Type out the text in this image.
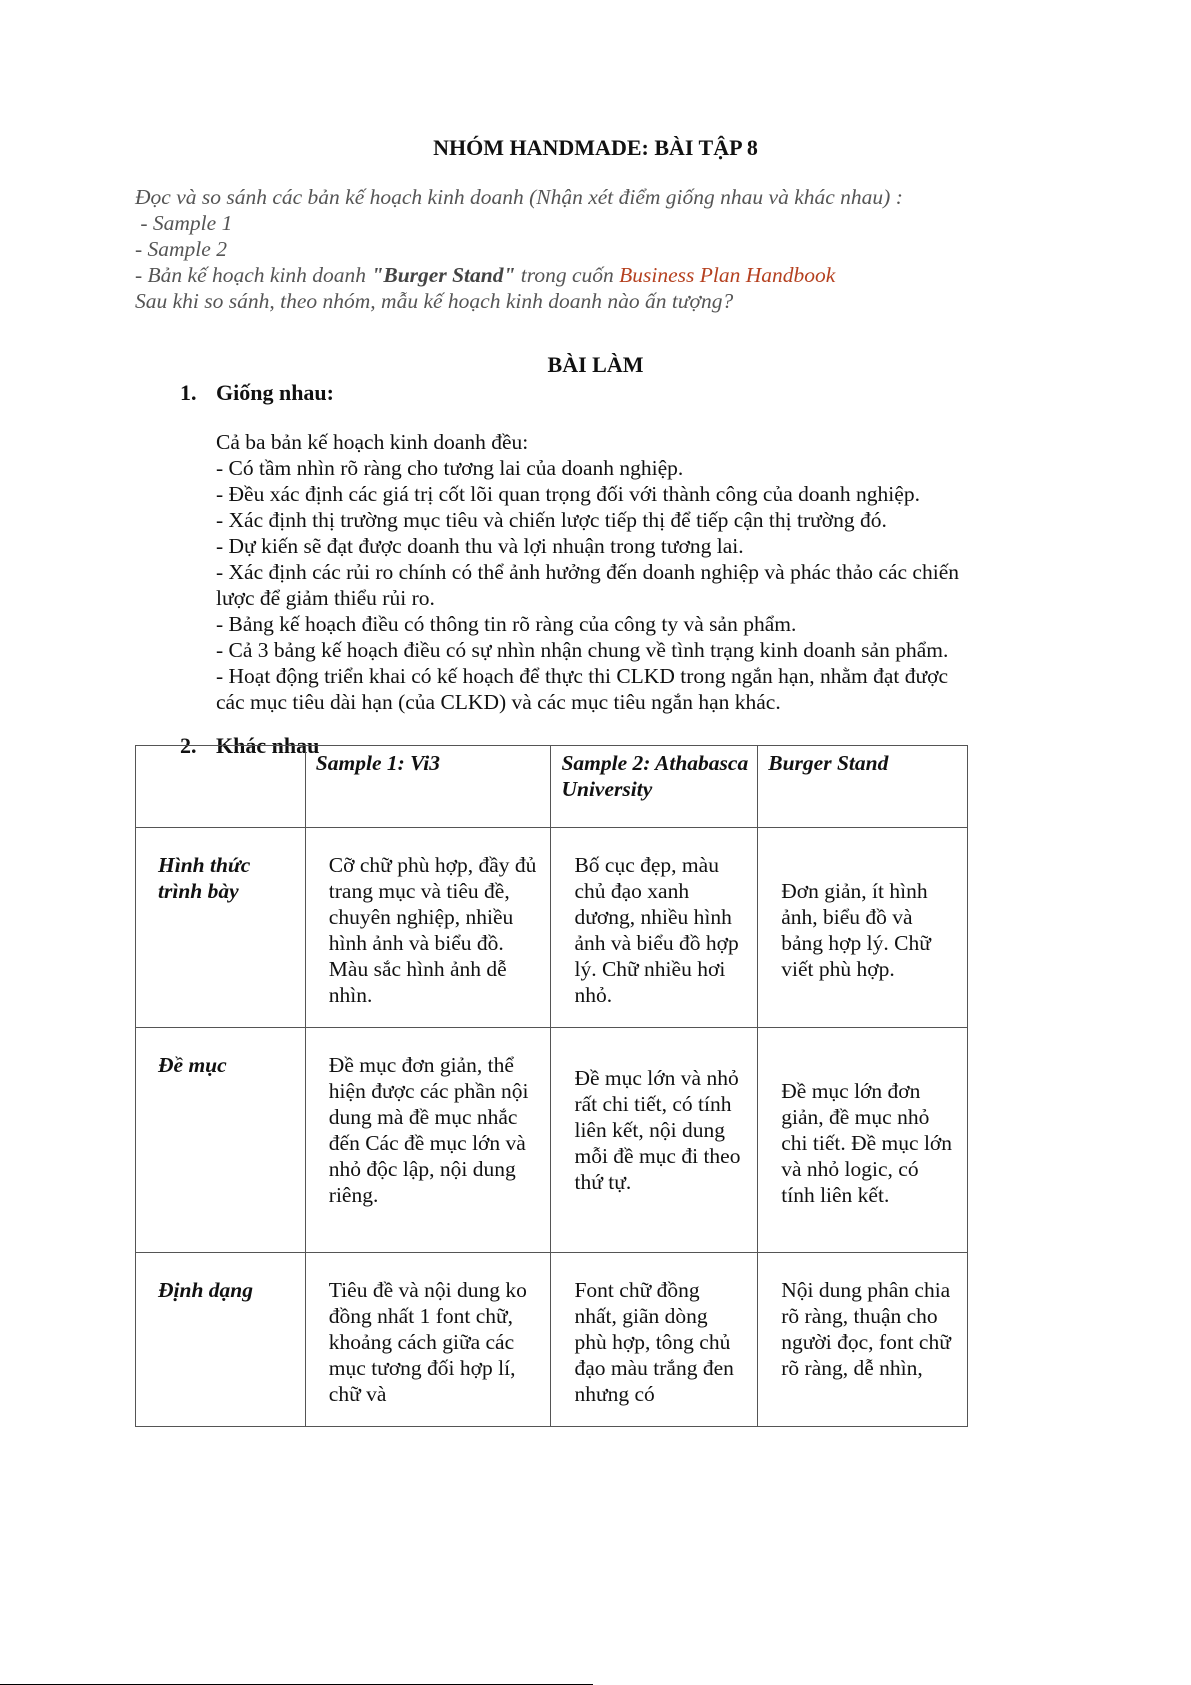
NHÓM HANDMADE: BÀI TẬP 8
Đọc và so sánh các bản kế hoạch kinh doanh (Nhận xét điểm giống nhau và khác nhau) :
- Sample 1
- Sample 2
- Bản kế hoạch kinh doanh "Burger Stand" trong cuốn Business Plan Handbook
Sau khi so sánh, theo nhóm, mẫu kế hoạch kinh doanh nào ấn tượng?
BÀI LÀM
1. Giống nhau:
Cả ba bản kế hoạch kinh doanh đều:
- Có tầm nhìn rõ ràng cho tương lai của doanh nghiệp.
- Đều xác định các giá trị cốt lõi quan trọng đối với thành công của doanh nghiệp.
- Xác định thị trường mục tiêu và chiến lược tiếp thị để tiếp cận thị trường đó.
- Dự kiến sẽ đạt được doanh thu và lợi nhuận trong tương lai.
- Xác định các rủi ro chính có thể ảnh hưởng đến doanh nghiệp và phác thảo các chiến lược để giảm thiểu rủi ro.
- Bảng kế hoạch điều có thông tin rõ ràng của công ty và sản phẩm.
- Cả 3 bảng kế hoạch điều có sự nhìn nhận chung về tình trạng kinh doanh sản phẩm.
- Hoạt động triển khai có kế hoạch để thực thi CLKD trong ngắn hạn, nhằm đạt được các mục tiêu dài hạn (của CLKD) và các mục tiêu ngắn hạn khác.
2. Khác nhau
	Sample 1: Vi3	Sample 2: Athabasca University	Burger Stand
Hình thức trình bày	Cỡ chữ phù hợp, đầy đủ trang mục và tiêu đề, chuyên nghiệp, nhiều hình ảnh và biểu đồ. Màu sắc hình ảnh dễ nhìn.	Bố cục đẹp, màu chủ đạo xanh dương, nhiều hình ảnh và biểu đồ hợp lý. Chữ nhiều hơi nhỏ.	Đơn giản, ít hình ảnh, biểu đồ và bảng hợp lý. Chữ viết phù hợp.
Đề mục	Đề mục đơn giản, thể hiện được các phần nội dung mà đề mục nhắc đến Các đề mục lớn và nhỏ độc lập, nội dung riêng.	Đề mục lớn và nhỏ rất chi tiết, có tính liên kết, nội dung mỗi đề mục đi theo thứ tự.	Đề mục lớn đơn giản, đề mục nhỏ chi tiết. Đề mục lớn và nhỏ logic, có tính liên kết.
Định dạng	Tiêu đề và nội dung ko đồng nhất 1 font chữ, khoảng cách giữa các mục tương đối hợp lí, chữ và	Font chữ đồng nhất, giãn dòng phù hợp, tông chủ đạo màu trắng đen nhưng có	Nội dung phân chia rõ ràng, thuận cho người đọc, font chữ rõ ràng, dễ nhìn,
